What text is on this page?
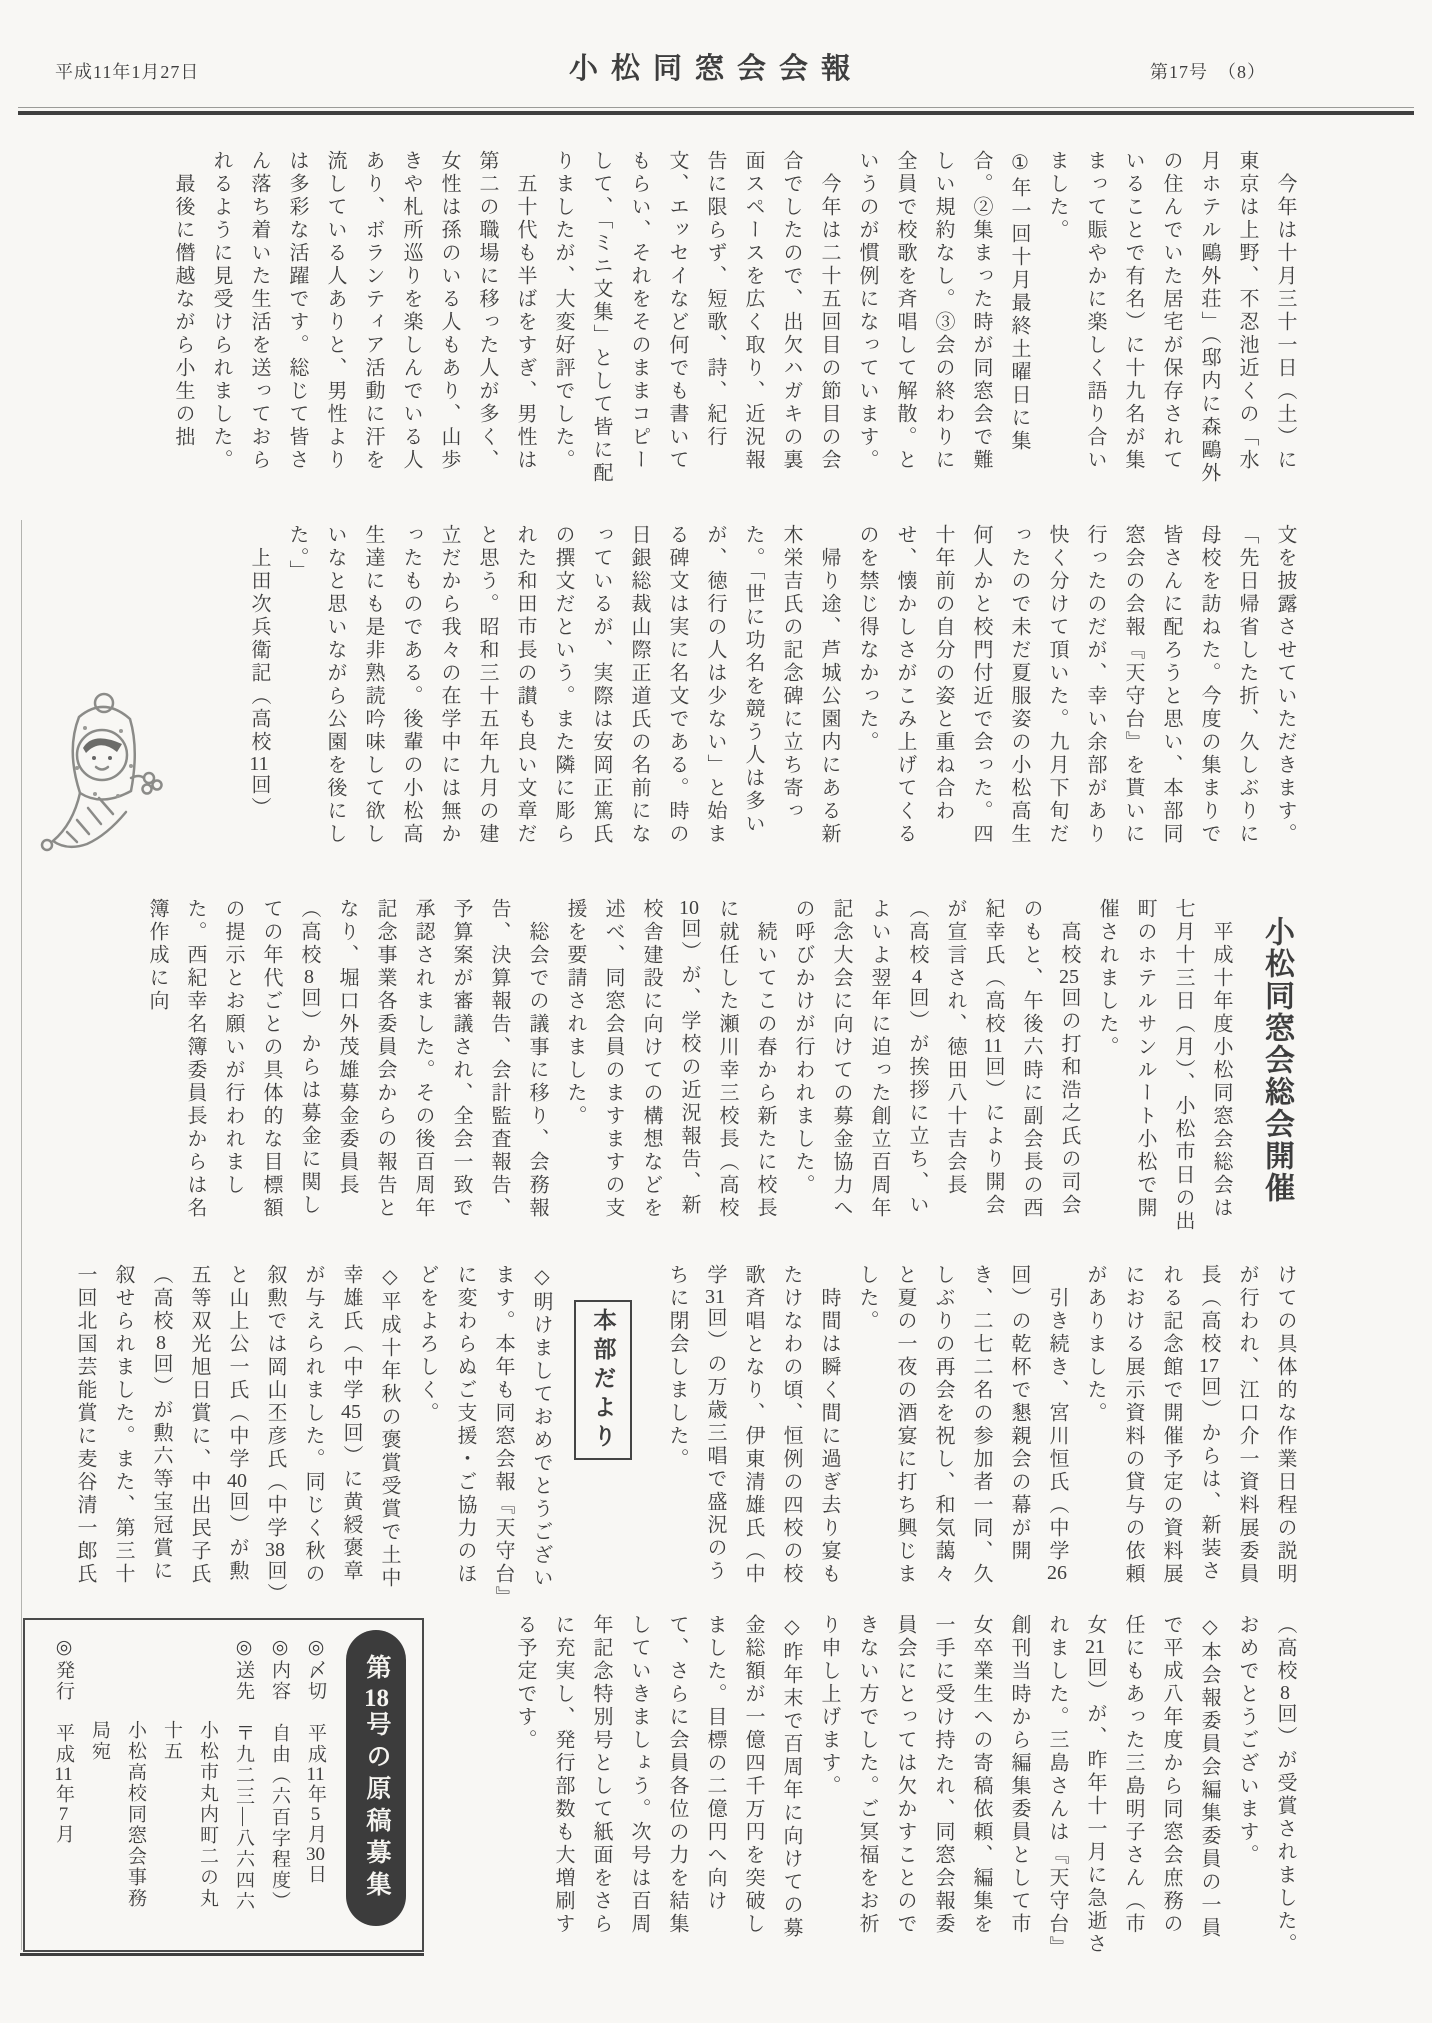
平成11年1月27日	小松同窓会会報	第17号　（8）
　今年は十月三十一日（土）に東京は上野、不忍池近くの「水月ホテル鷗外荘」（邸内に森鷗外の住んでいた居宅が保存されていることで有名）に十九名が集まって賑やかに楽しく語り合いました。
①年一回十月最終土曜日に集合。②集まった時が同窓会で難しい規約なし。③会の終わりに全員で校歌を斉唱して解散。というのが慣例になっています。
　今年は二十五回目の節目の会合でしたので、出欠ハガキの裏面スペースを広く取り、近況報告に限らず、短歌、詩、紀行文、エッセイなど何でも書いてもらい、それをそのままコピーして、「ミニ文集」として皆に配りましたが、大変好評でした。
　五十代も半ばをすぎ、男性は第二の職場に移った人が多く、女性は孫のいる人もあり、山歩きや札所巡りを楽しんでいる人あり、ボランティア活動に汗を流している人ありと、男性よりは多彩な活躍です。総じて皆さん落ち着いた生活を送っておられるように見受けられました。
　最後に僭越ながら小生の拙
文を披露させていただきます。
「先日帰省した折、久しぶりに母校を訪ねた。今度の集まりで皆さんに配ろうと思い、本部同窓会の会報『天守台』を貰いに行ったのだが、幸い余部があり快く分けて頂いた。九月下旬だったので未だ夏服姿の小松高生何人かと校門付近で会った。四十年前の自分の姿と重ね合わせ、懐かしさがこみ上げてくるのを禁じ得なかった。
　帰り途、芦城公園内にある新木栄吉氏の記念碑に立ち寄った。「世に功名を競う人は多いが、徳行の人は少ない」と始まる碑文は実に名文である。時の日銀総裁山際正道氏の名前になっているが、実際は安岡正篤氏の撰文だという。また隣に彫られた和田市長の讃も良い文章だと思う。昭和三十五年九月の建立だから我々の在学中には無かったものである。後輩の小松高生達にも是非熟読吟味して欲しいなと思いながら公園を後にした。」
　上田次兵衛記（高校11回）
小松同窓会総会開催
　平成十年度小松同窓会総会は七月十三日（月）、小松市日の出町のホテルサンルート小松で開催されました。
　高校25回の打和浩之氏の司会のもと、午後六時に副会長の西紀幸氏（高校11回）により開会が宣言され、徳田八十吉会長（高校4回）が挨拶に立ち、いよいよ翌年に迫った創立百周年記念大会に向けての募金協力への呼びかけが行われました。
　続いてこの春から新たに校長に就任した瀬川幸三校長（高校10回）が、学校の近況報告、新校舎建設に向けての構想などを述べ、同窓会員のますますの支援を要請されました。
　総会での議事に移り、会務報告、決算報告、会計監査報告、予算案が審議され、全会一致で承認されました。その後百周年記念事業各委員会からの報告となり、堀口外茂雄募金委員長（高校8回）からは募金に関しての年代ごとの具体的な目標額の提示とお願いが行われました。西紀幸名簿委員長からは名簿作成に向
けての具体的な作業日程の説明が行われ、江口介一資料展委員長（高校17回）からは、新装される記念館で開催予定の資料展における展示資料の貸与の依頼がありました。
　引き続き、宮川恒氏（中学26回）の乾杯で懇親会の幕が開き、二七二名の参加者一同、久しぶりの再会を祝し、和気藹々と夏の一夜の酒宴に打ち興じました。
　時間は瞬く間に過ぎ去り宴もたけなわの頃、恒例の四校の校歌斉唱となり、伊東清雄氏（中学31回）の万歳三唱で盛況のうちに閉会しました。
本部だより
◇明けましておめでとうございます。本年も同窓会報『天守台』に変わらぬご支援・ご協力のほどをよろしく。
◇平成十年秋の褒賞受賞で土中幸雄氏（中学45回）に黄綬褒章が与えられました。同じく秋の叙勲では岡山丕彦氏（中学38回）と山上公一氏（中学40回）が勲五等双光旭日賞に、中出民子氏（高校8回）が勲六等宝冠賞に叙せられました。また、第三十一回北国芸能賞に麦谷清一郎氏
（高校8回）が受賞されました。おめでとうございます。
◇本会報委員会編集委員の一員で平成八年度から同窓会庶務の任にもあった三島明子さん（市女21回）が、昨年十一月に急逝されました。三島さんは『天守台』創刊当時から編集委員として市女卒業生への寄稿依頼、編集を一手に受け持たれ、同窓会報委員会にとっては欠かすことのできない方でした。ご冥福をお祈り申し上げます。
◇昨年末で百周年に向けての募金総額が一億四千万円を突破しました。目標の二億円へ向けて、さらに会員各位の力を結集していきましょう。次号は百周年記念特別号として紙面をさらに充実し、発行部数も大増刷する予定です。
第18号の原稿募集
◎〆切　平成11年5月30日
◎内容　自由（六百字程度）
◎送先　〒九二三―八六四六
　　　　小松市丸内町二の丸
　　　　十五
　　　　小松高校同窓会事務
　　　　局宛
◎発行　平成11年7月
